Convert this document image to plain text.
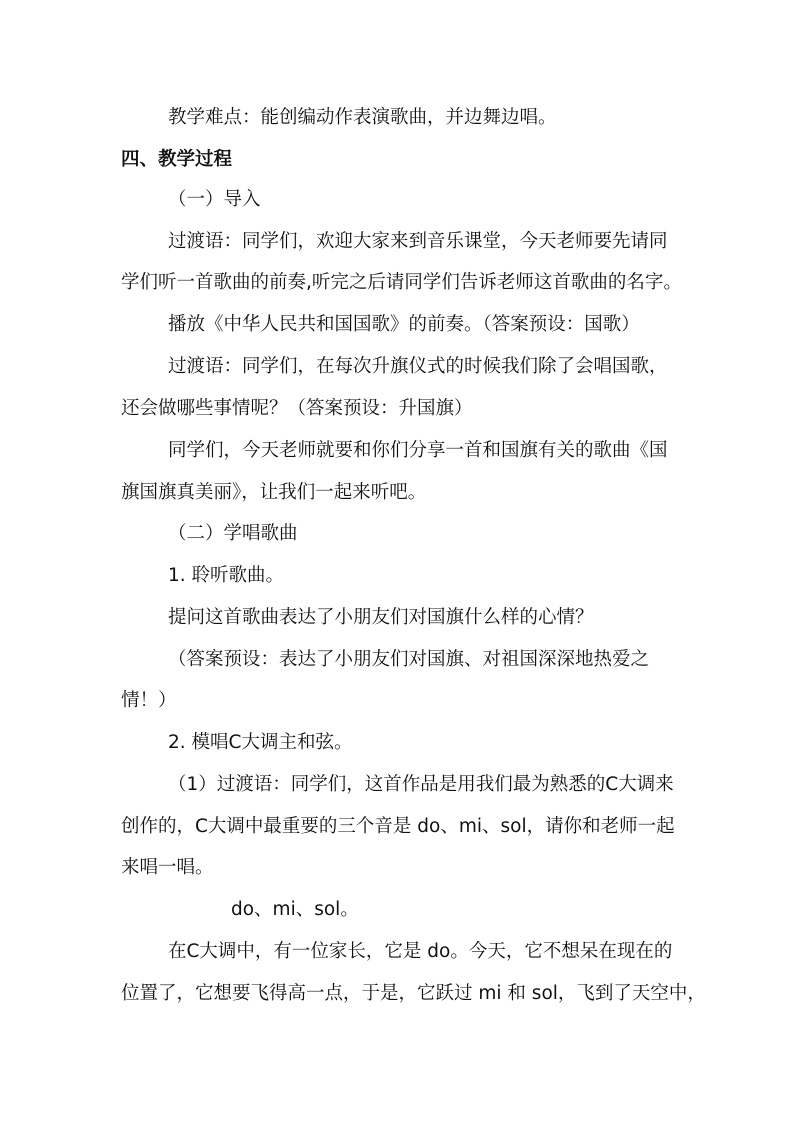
教学难点：能创编动作表演歌曲，并边舞边唱。
四、教学过程
（一）导入
过渡语：同学们，欢迎大家来到音乐课堂，今天老师要先请同
学们听一首歌曲的前奏,听完之后请同学们告诉老师这首歌曲的名字。
播放《中华人民共和国国歌》的前奏。（答案预设：国歌）
过渡语：同学们，在每次升旗仪式的时候我们除了会唱国歌，
还会做哪些事情呢？（答案预设：升国旗）
同学们，今天老师就要和你们分享一首和国旗有关的歌曲《国
旗国旗真美丽》，让我们一起来听吧。
（二）学唱歌曲
1. 聆听歌曲。
提问这首歌曲表达了小朋友们对国旗什么样的心情？
（答案预设：表达了小朋友们对国旗、对祖国深深地热爱之
情！）
2. 模唱C大调主和弦。
（1）过渡语：同学们，这首作品是用我们最为熟悉的C大调来
创作的，C大调中最重要的三个音是 do、mi、sol，请你和老师一起
来唱一唱。
do、mi、sol。
在C大调中，有一位家长，它是 do。今天，它不想呆在现在的
位置了，它想要飞得高一点，于是，它跃过 mi 和 sol，飞到了天空中，
